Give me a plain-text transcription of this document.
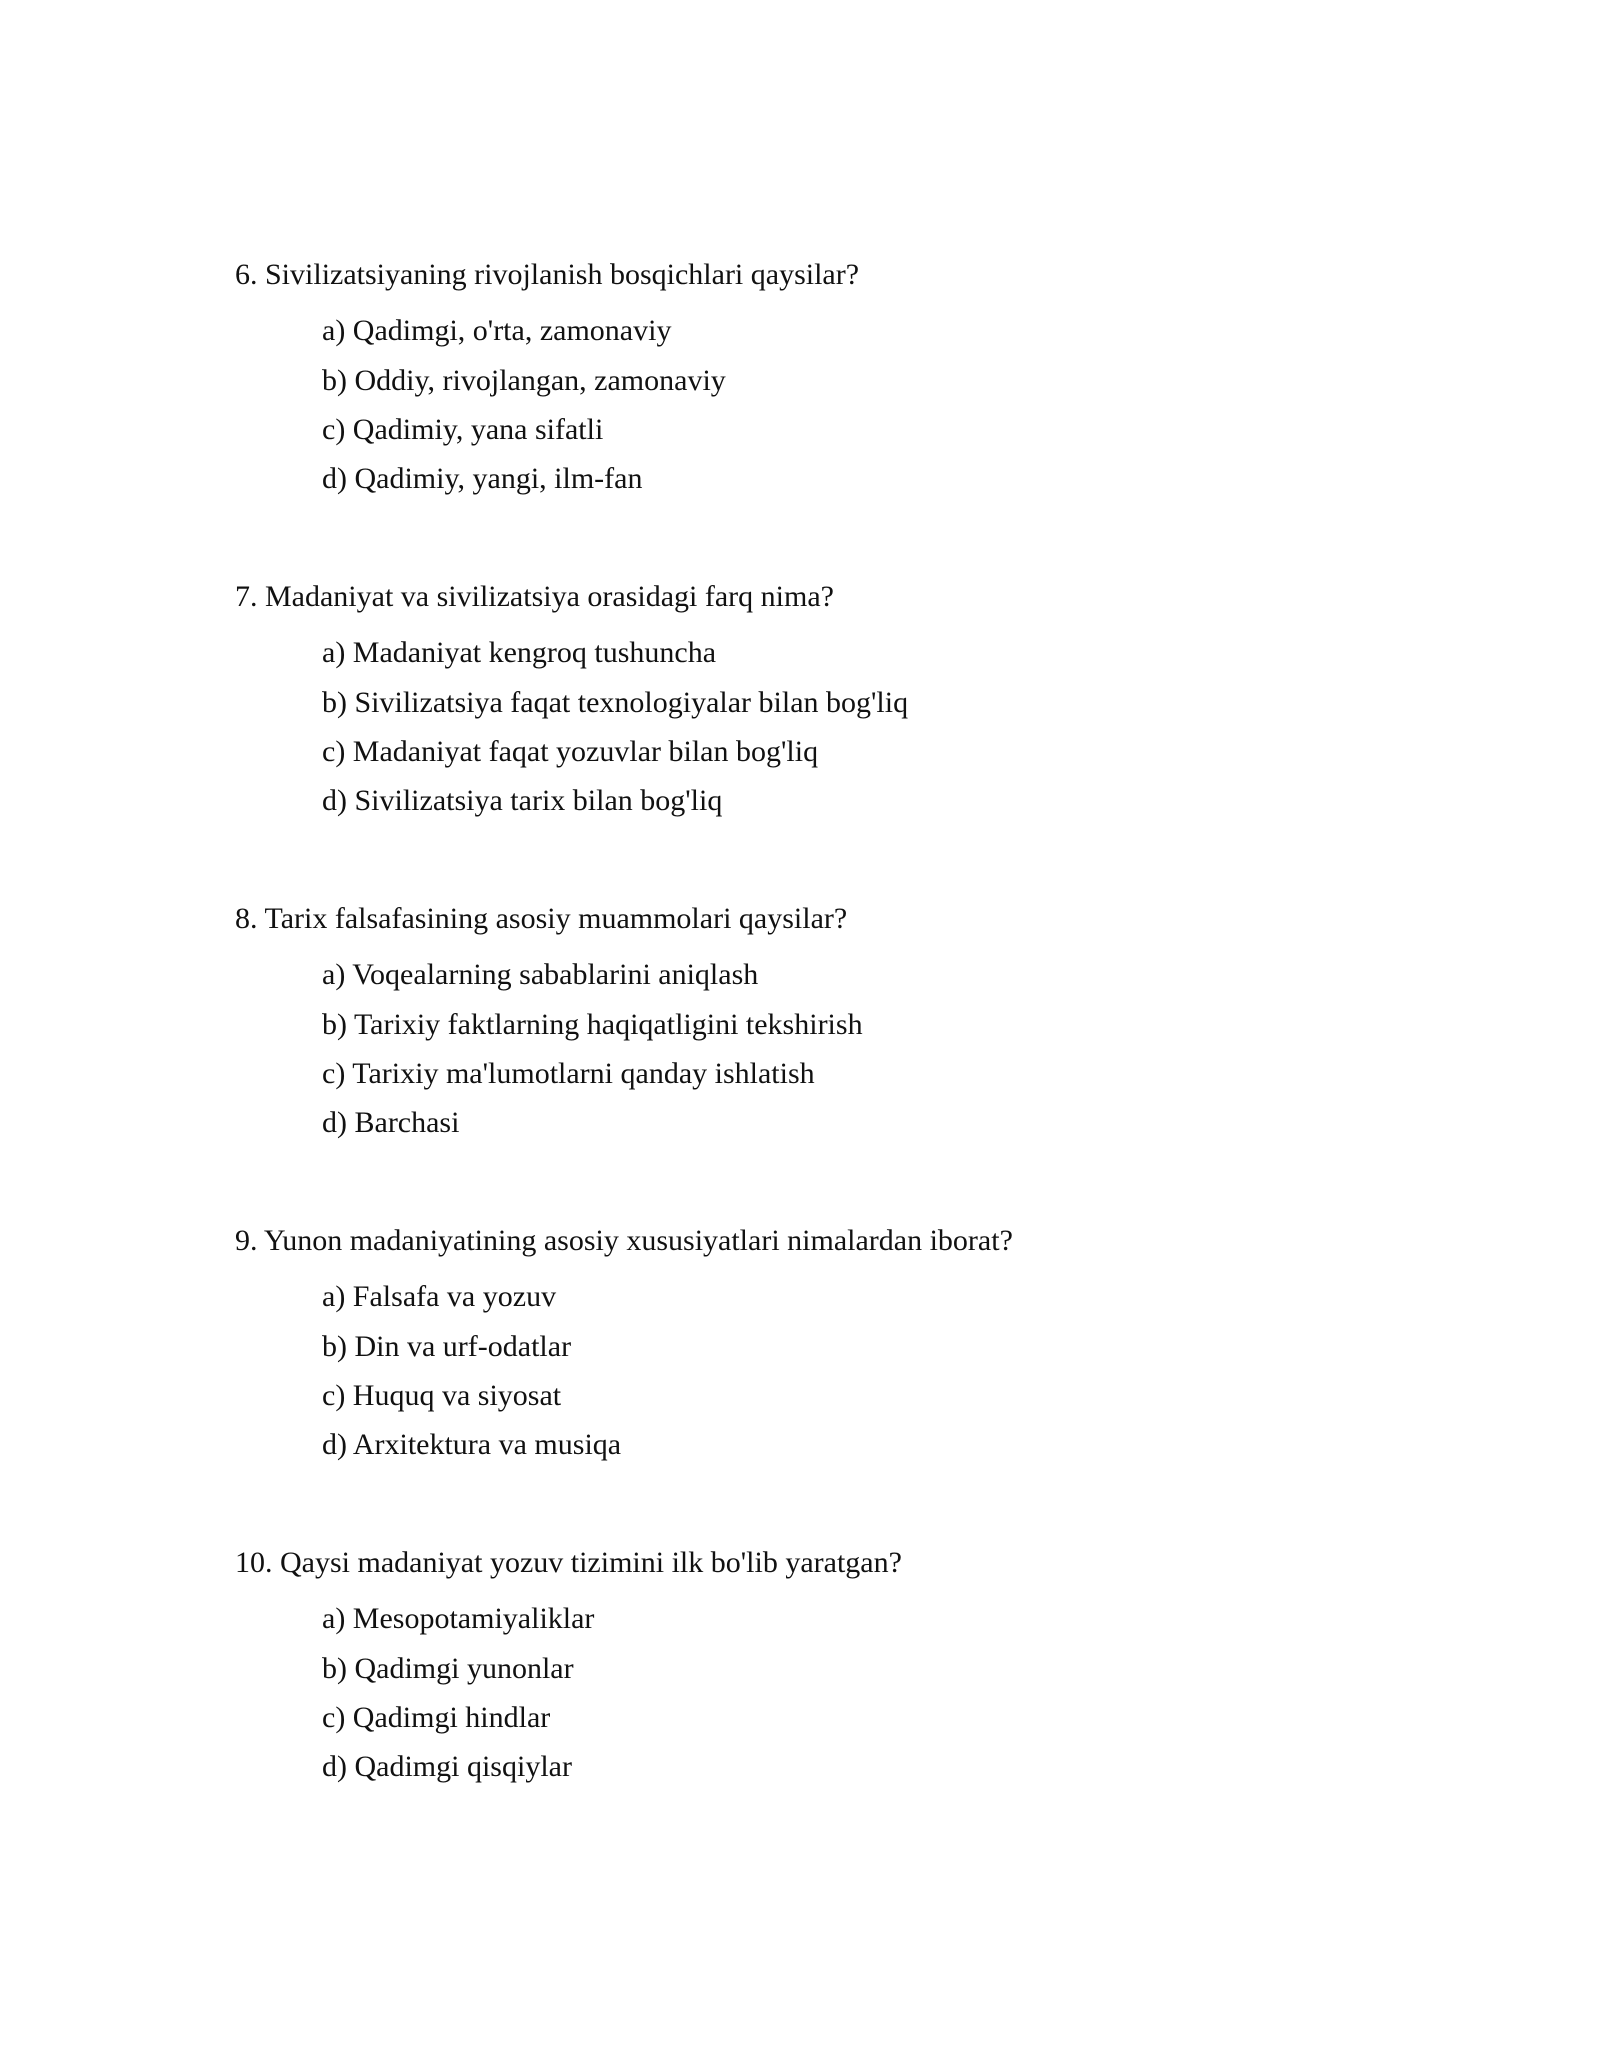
6. Sivilizatsiyaning rivojlanish bosqichlari qaysilar?
a) Qadimgi, o'rta, zamonaviy
b) Oddiy, rivojlangan, zamonaviy
c) Qadimiy, yana sifatli
d) Qadimiy, yangi, ilm-fan
7. Madaniyat va sivilizatsiya orasidagi farq nima?
a) Madaniyat kengroq tushuncha
b) Sivilizatsiya faqat texnologiyalar bilan bog'liq
c) Madaniyat faqat yozuvlar bilan bog'liq
d) Sivilizatsiya tarix bilan bog'liq
8. Tarix falsafasining asosiy muammolari qaysilar?
a) Voqealarning sabablarini aniqlash
b) Tarixiy faktlarning haqiqatligini tekshirish
c) Tarixiy ma'lumotlarni qanday ishlatish
d) Barchasi
9. Yunon madaniyatining asosiy xususiyatlari nimalardan iborat?
a) Falsafa va yozuv
b) Din va urf-odatlar
c) Huquq va siyosat
d) Arxitektura va musiqa
10. Qaysi madaniyat yozuv tizimini ilk bo'lib yaratgan?
a) Mesopotamiyaliklar
b) Qadimgi yunonlar
c) Qadimgi hindlar
d) Qadimgi qisqiylar
